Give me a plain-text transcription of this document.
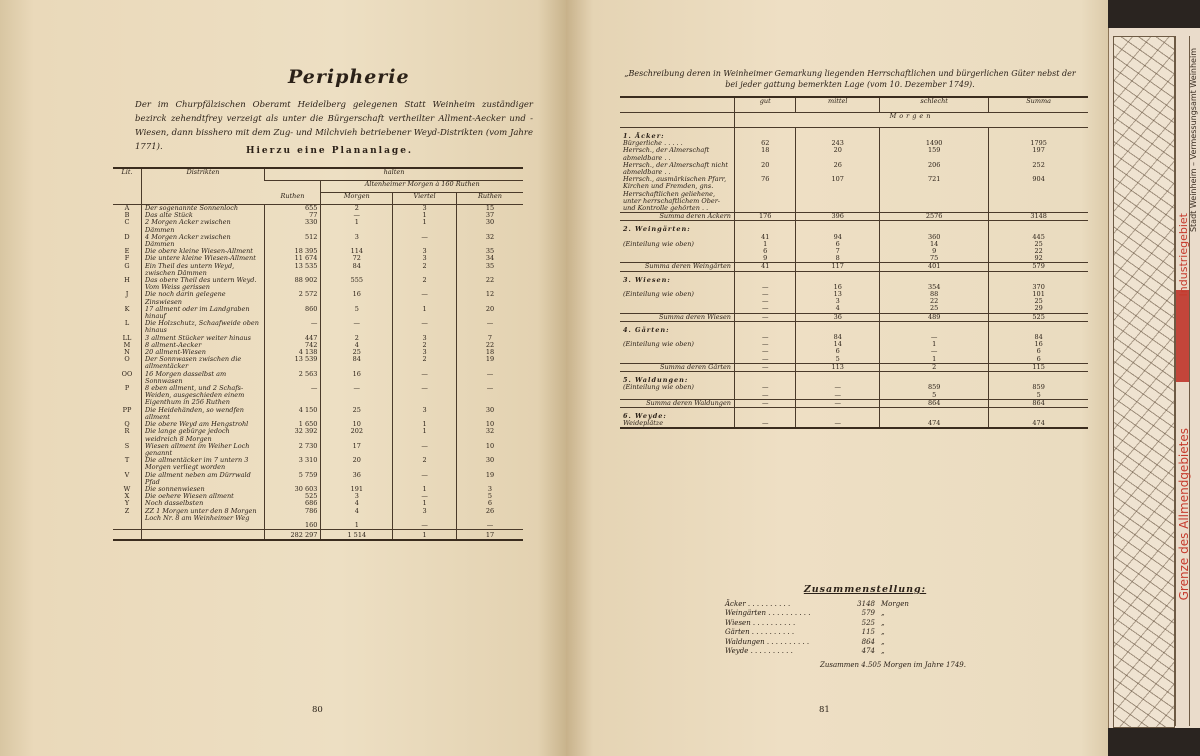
Peripherie
Der im Churpfälzischen Oberamt Heidelberg gelegenen Statt Weinheim zuständiger bezirck zehendtfrey verzeigt als unter die Bürgerschaft vertheilter Allment-Aecker und -Wiesen, dann bisshero mit dem Zug- und Milchvieh betriebener Weyd-Distrikten (vom Jahre 1771).	Hierzu eine Plananlage.
Lit.	Distrikten	halten			
			Altenheimer Morgen à 160 Ruthen		
		Ruthen	Morgen	Viertel	Ruthen
A	Der sogenannte Sonnenloch	655	2	3	15
B	Das alte Stück	77	—	1	37
C	2 Morgen Acker zwischen Dämmen	330	1	1	30
D	4 Morgen Acker zwischen Dämmen	512	3	—	32
E	Die obere kleine Wiesen-Allment	18 395	114	3	35
F	Die untere kleine Wiesen-Allment	11 674	72	3	34
G	Ein Theil des untern Weyd, zwischen Dämmen	13 535	84	2	35
H	Das obere Theil des untern Weyd. Vom Weiss gerissen	88 902	555	2	22
J	Die noch darin gelegene Zinswiesen	2 572	16	—	12
K	17 allment oder im Landgraben hinauf	860	5	1	20
L	Die Holzschutz, Schaafweide oben hinaus	—	—	—	—
LL	3 allment Stücker weiter hinaus	447	2	3	7
M	8 allment-Aecker	742	4	2	22
N	20 allment-Wiesen	4 138	25	3	18
O	Der Sonnwasen zwischen die allmentäcker	13 539	84	2	19
OO	16 Morgen dasselbst am Sonnwasen	2 563	16	—	—
P	8 eben allment, und 2 Schafs-Weiden, ausgeschieden einem Eigenthum in 256 Ruthen	—	—	—	—
PP	Die Heidehänden, so wendfen allment	4 150	25	3	30
Q	Die obere Weyd am Hengstrohl	1 650	10	1	10
R	Die lange gebürge jedoch weidreich 8 Morgen	32 392	202	1	32
S	Wiesen allment im Weiher Loch genannt	2 730	17	—	10
T	Die allmentäcker im 7 untern 3 Morgen verliegt worden	3 310	20	2	30
V	Die allment neben am Dürrwald Pfad	5 759	36	—	19
W	Die sonnenwiesen	30 603	191	1	3
X	Die oehere Wiesen allment	525	3	—	5
Y	Noch dasselbsten	686	4	1	6
Z	ZZ 1 Morgen unter den 8 Morgen Loch Nr. 8 am Weinheimer Weg	786	4	3	26
		160	1	—	—
		282 297	1 514	1	17
80	81
„Beschreibung deren in Weinheimer Gemarkung liegenden Herrschaftlichen und bürgerlichen Güter nebst der bei jeder gattung bemerkten Lage (vom 10. Dezember 1749).
	gut	mittel	schlecht	Summa
	Morgen			
1. Äcker:				
Bürgerliche . . . . .	62	243	1490	1795
Herrsch., der Almerschaft abmeldbare . .	18	20	159	197
Herrsch., der Almerschaft nicht abmeldbare . .	20	26	206	252
Herrsch., ausmärkischen Pfarr, Kirchen und Fremden, gns. Herrschaftlichen geliehene, unter herrschaftlichem Ober- und Kontrolle gehörten . .	76	107	721	904
Summa deren Äckern	176	396	2576	3148
2. Weingärten:				
	41	94	360	445
(Einteilung wie oben)	1	6	14	25
	6	7	9	22
	9	8	75	92
Summa deren Weingärten	41	117	401	579
3. Wiesen:				
	—	16	354	370
(Einteilung wie oben)	—	13	88	101
	—	3	22	25
	—	4	25	29
Summa deren Wiesen	—	36	489	525
4. Gärten:				
	—	84	—	84
(Einteilung wie oben)	—	14	1	16
	—	6	—	6
	—	5	1	6
Summa deren Gärten	—	113	2	115
5. Waldungen:				
(Einteilung wie oben)	—	—	859	859
	—	—	5	5
Summa deren Waldungen	—	—	864	864
6. Weyde:				
Weideplätze	—	—	474	474
Zusammenstellung:
Äcker . . . . . . . . . .	3148 Morgen
Weingärten . . . . . . . . . .	579 „
Wiesen . . . . . . . . . .	525 „
Gärten . . . . . . . . . .	115 „
Waldungen . . . . . . . . . .	864 „
Weyde . . . . . . . . . .	474 „
Zusammen 4.505 Morgen im Jahre 1749.
Stadt Weinheim – Vermessungsamt Weinheim
Industriegebiet
Grenze des Allmendgebietes
